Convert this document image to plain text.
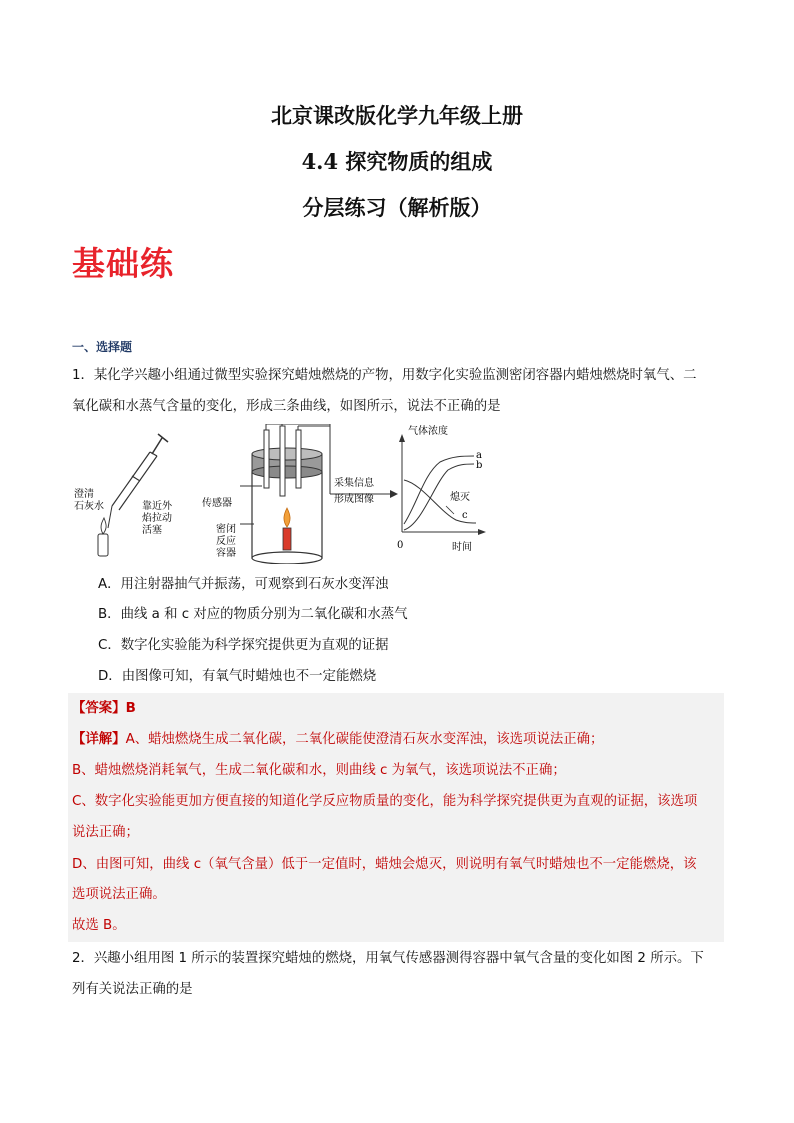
北京课改版化学九年级上册
4.4 探究物质的组成
分层练习（解析版）
基础练
一、选择题
1．某化学兴趣小组通过微型实验探究蜡烛燃烧的产物，用数字化实验监测密闭容器内蜡烛燃烧时氧气、二
氧化碳和水蒸气含量的变化，形成三条曲线，如图所示，说法不正确的是
澄清
石灰水	靠近外
焰拉动
活塞
传感器
密闭
反应
容器
采集信息
形成图像
气体浓度
a
b
c
熄灭
0	时间
A．用注射器抽气并振荡，可观察到石灰水变浑浊
B．曲线 a 和 c 对应的物质分别为二氧化碳和水蒸气
C．数字化实验能为科学探究提供更为直观的证据
D．由图像可知，有氧气时蜡烛也不一定能燃烧
【答案】B
【详解】A、蜡烛燃烧生成二氧化碳，二氧化碳能使澄清石灰水变浑浊，该选项说法正确；
B、蜡烛燃烧消耗氧气，生成二氧化碳和水，则曲线 c 为氧气，该选项说法不正确；
C、数字化实验能更加方便直接的知道化学反应物质量的变化，能为科学探究提供更为直观的证据，该选项
说法正确；
D、由图可知，曲线 c（氧气含量）低于一定值时，蜡烛会熄灭，则说明有氧气时蜡烛也不一定能燃烧，该
选项说法正确。
故选 B。
2．兴趣小组用图 1 所示的装置探究蜡烛的燃烧，用氧气传感器测得容器中氧气含量的变化如图 2 所示。下
列有关说法正确的是
